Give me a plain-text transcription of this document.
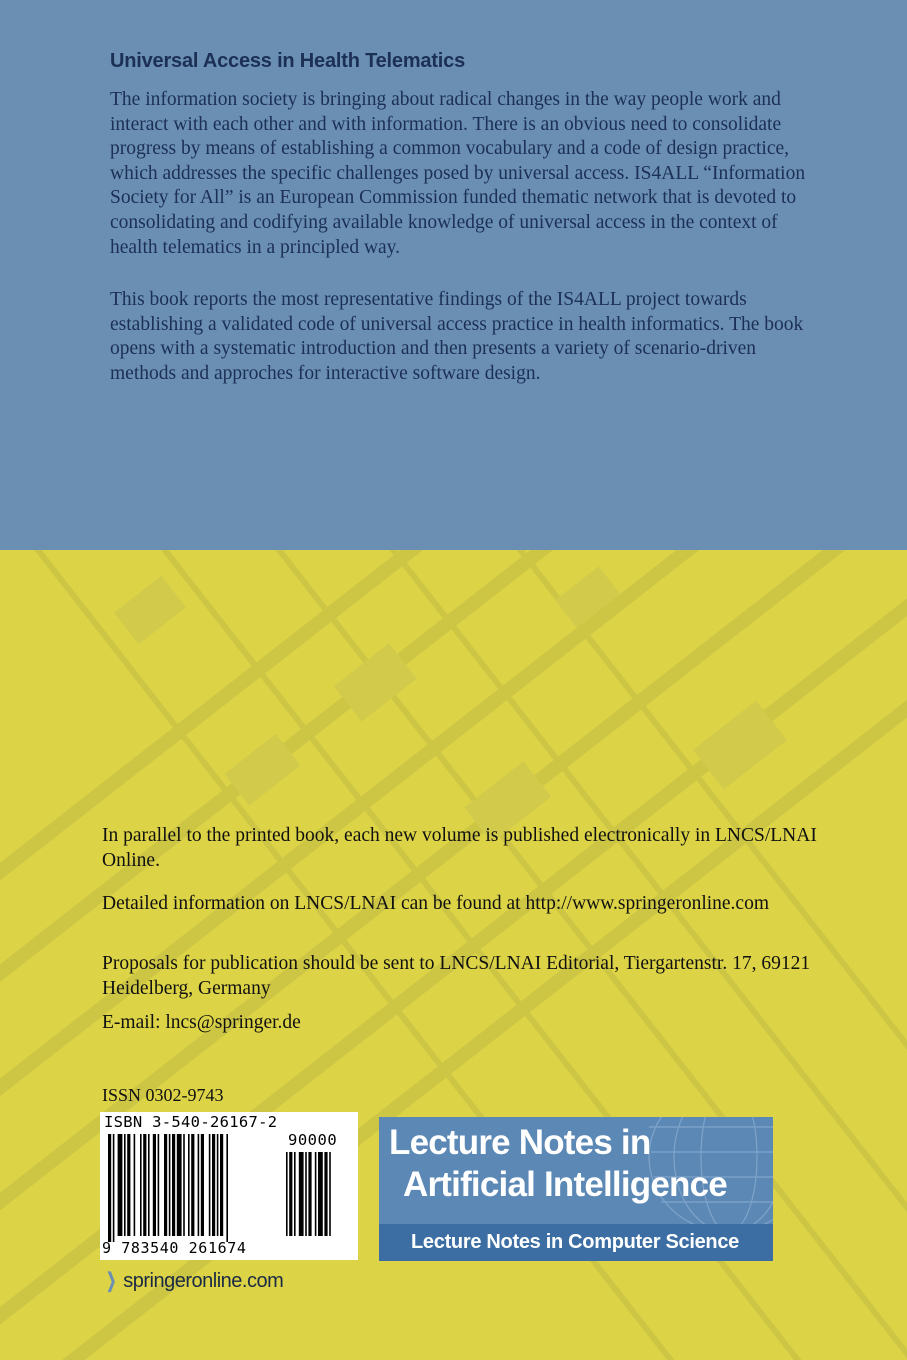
Universal Access in Health Telematics

The information society is bringing about radical changes in the way people work and interact with each other and with information. There is an obvious need to consolidate progress by means of establishing a common vocabulary and a code of design practice, which addresses the specific challenges posed by universal access. IS4ALL “Information Society for All” is an European Commission funded thematic network that is devoted to consolidating and codifying available knowledge of universal access in the context of health telematics in a principled way.

This book reports the most representative findings of the IS4ALL project towards establishing a validated code of universal access practice in health informatics. The book opens with a systematic introduction and then presents a variety of scenario-driven methods and approches for interactive software design.

In parallel to the printed book, each new volume is published electronically in LNCS/LNAI Online.

Detailed information on LNCS/LNAI can be found at http://www.springeronline.com

Proposals for publication should be sent to LNCS/LNAI Editorial, Tiergartenstr. 17, 69121 Heidelberg, Germany

E-mail: lncs@springer.de

ISSN 0302-9743
ISBN 3-540-26167-2
90000
9 783540 261674
❯ springeronline.com
Lecture Notes in
Artificial Intelligence
Lecture Notes in Computer Science
